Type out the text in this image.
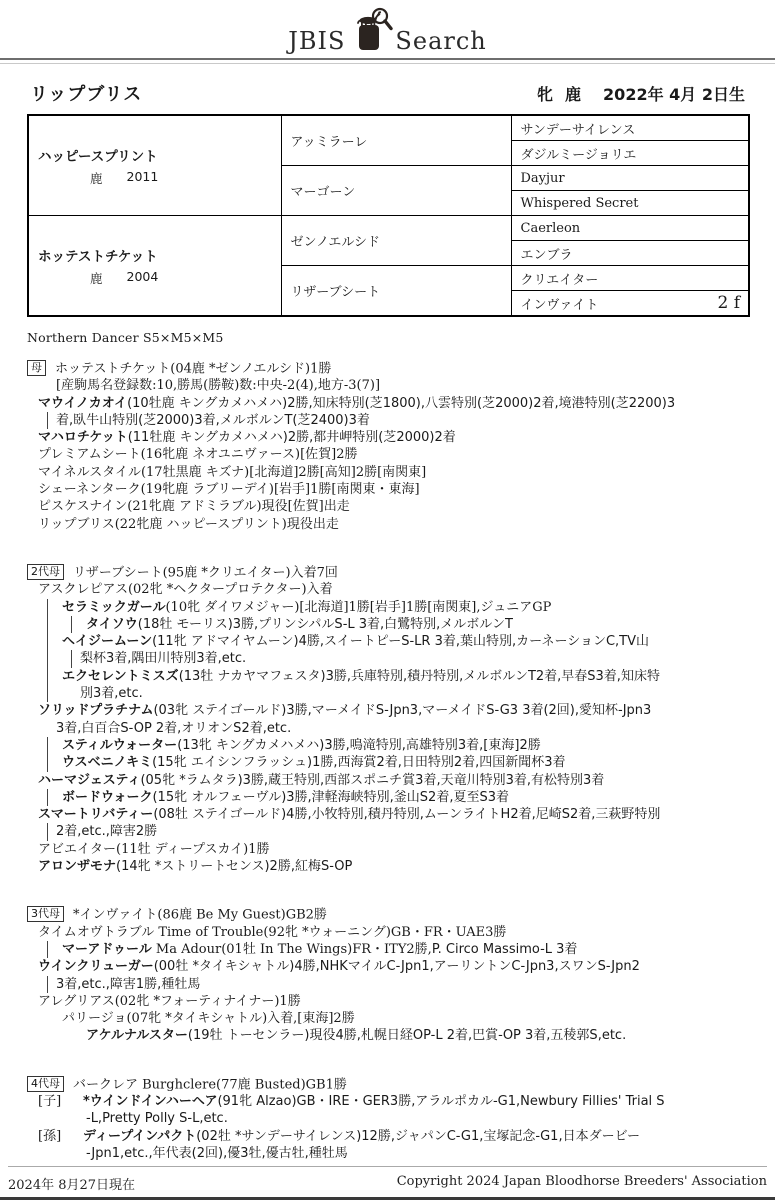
JBIS Search
リップブリス	牝 鹿 2022年 4月 2日生
ハッピースプリント
鹿 2011	アッミラーレ	サンデーサイレンス
		ダジルミージョリエ
	マーゴーン	Dayjur
		Whispered Secret

ホッテストチケット
鹿 2004	ゼンノエルシド	Caerleon
		エンブラ
	リザーブシート	クリエイター

		インヴァイト 2 f
Northern Dancer S5×M5×M5
母 ホッテストチケット(04鹿 *ゼンノエルシド)1勝
[産駒馬名登録数:10,勝馬(勝鞍)数:中央-2(4),地方-3(7)]
マウイノカオイ(10牡鹿 キングカメハメハ)2勝,知床特別(芝1800),八雲特別(芝2000)2着,境港特別(芝2200)3
着,臥牛山特別(芝2000)3着,メルボルンT(芝2400)3着
マハロチケット(11牡鹿 キングカメハメハ)2勝,都井岬特別(芝2000)2着
プレミアムシート(16牝鹿 ネオユニヴァース)[佐賀]2勝
マイネルスタイル(17牡黒鹿 キズナ)[北海道]2勝[高知]2勝[南関東]
シェーネンターク(19牝鹿 ラブリーデイ)[岩手]1勝[南関東・東海]
ピスケスナイン(21牝鹿 アドミラブル)現役[佐賀]出走
リップブリス(22牝鹿 ハッピースプリント)現役出走
2代母 リザーブシート(95鹿 *クリエイター)入着7回
アスクレピアス(02牝 *ヘクタープロテクター)入着
セラミックガール(10牝 ダイワメジャー)[北海道]1勝[岩手]1勝[南関東],ジュニアGP
タイソウ(18牡 モーリス)3勝,プリンシパルS-L 3着,白鷺特別,メルボルンT
ヘイジームーン(11牝 アドマイヤムーン)4勝,スイートピーS-LR 3着,葉山特別,カーネーションC,TV山
梨杯3着,隅田川特別3着,etc.
エクセレントミスズ(13牡 ナカヤマフェスタ)3勝,兵庫特別,積丹特別,メルボルンT2着,早春S3着,知床特
別3着,etc.
ソリッドプラチナム(03牝 ステイゴールド)3勝,マーメイドS-Jpn3,マーメイドS-G3 3着(2回),愛知杯-Jpn3
3着,白百合S-OP 2着,オリオンS2着,etc.
スティルウォーター(13牝 キングカメハメハ)3勝,鳴滝特別,高雄特別3着,[東海]2勝
ウスベニノキミ(15牝 エイシンフラッシュ)1勝,西海賞2着,日田特別2着,四国新聞杯3着
ハーマジェスティ(05牝 *ラムタラ)3勝,蔵王特別,西部スポニチ賞3着,天竜川特別3着,有松特別3着
ボードウォーク(15牝 オルフェーヴル)3勝,津軽海峡特別,釜山S2着,夏至S3着
スマートリバティー(08牡 ステイゴールド)4勝,小牧特別,積丹特別,ムーンライトH2着,尼崎S2着,三萩野特別
2着,etc.,障害2勝
アビエイター(11牡 ディープスカイ)1勝
アロンザモナ(14牝 *ストリートセンス)2勝,紅梅S-OP
3代母 *インヴァイト(86鹿 Be My Guest)GB2勝
タイムオヴトラブル Time of Trouble(92牝 *ウォーニング)GB・FR・UAE3勝
マーアドゥール Ma Adour(01牡 In The Wings)FR・ITY2勝,P. Circo Massimo-L 3着
ウインクリューガー(00牡 *タイキシャトル)4勝,NHKマイルC-Jpn1,アーリントンC-Jpn3,スワンS-Jpn2
3着,etc.,障害1勝,種牡馬
アレグリアス(02牝 *フォーティナイナー)1勝
パリージョ(07牝 *タイキシャトル)入着,[東海]2勝
アケルナルスター(19牡 トーセンラー)現役4勝,札幌日経OP-L 2着,巴賞-OP 3着,五稜郭S,etc.
4代母 バークレア Burghclere(77鹿 Busted)GB1勝
[子] *ウインドインハーヘア(91牝 Alzao)GB・IRE・GER3勝,アラルポカル-G1,Newbury Fillies' Trial S
-L,Pretty Polly S-L,etc.
[孫] ディープインパクト(02牡 *サンデーサイレンス)12勝,ジャパンC-G1,宝塚記念-G1,日本ダービー
-Jpn1,etc.,年代表(2回),優3牡,優古牡,種牡馬
2024年 8月27日現在	Copyright 2024 Japan Bloodhorse Breeders' Association
